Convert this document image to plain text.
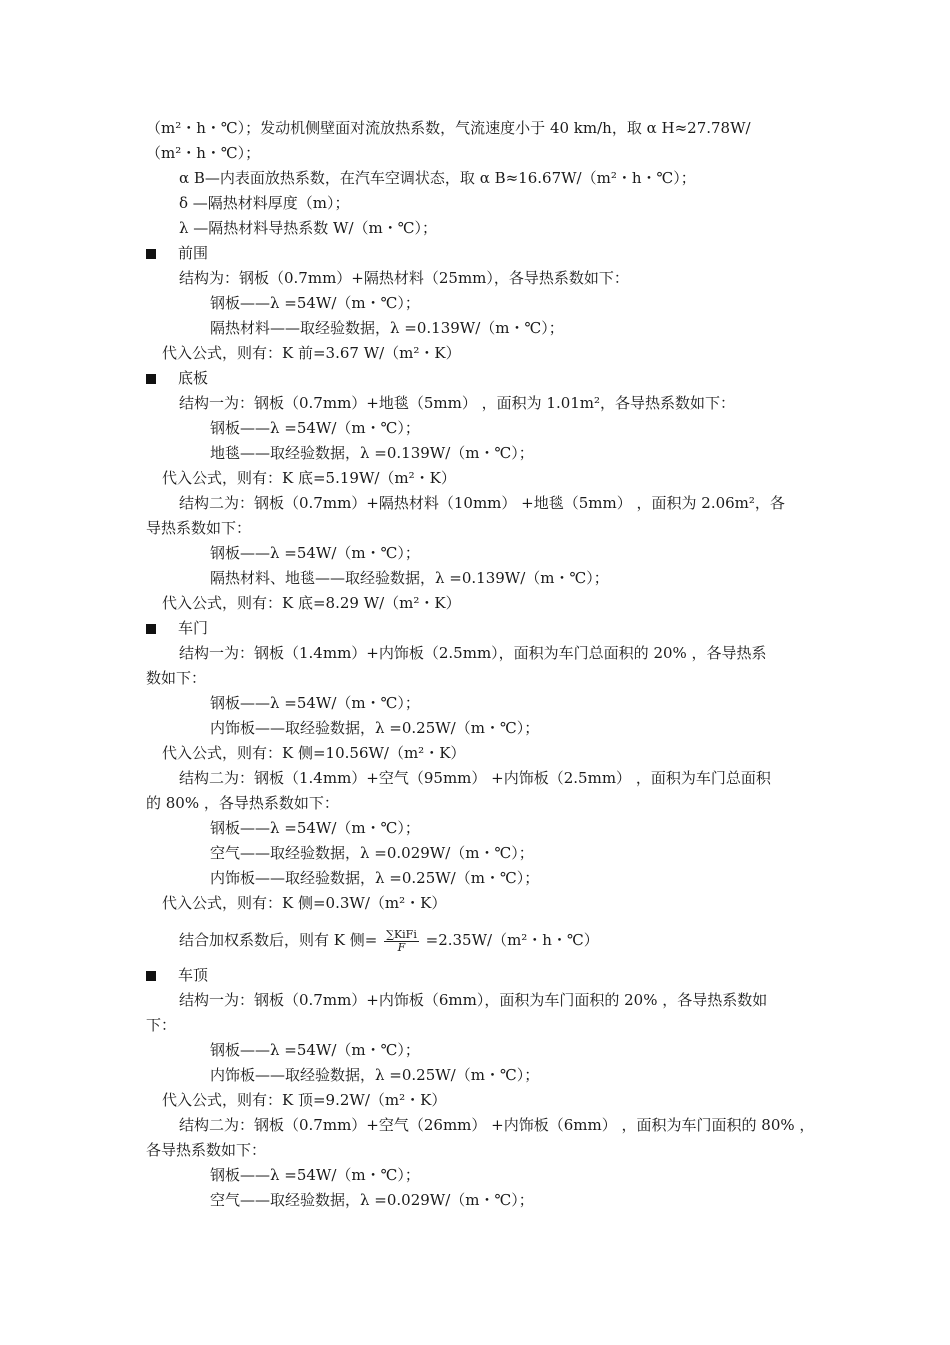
（m²・h・℃）；发动机侧壁面对流放热系数，气流速度小于 40 km/h，取 α H≈27.78W/
（m²・h・℃）；
α B—内表面放热系数，在汽车空调状态，取 α B≈16.67W/（m²・h・℃）；
δ —隔热材料厚度（m）；
λ —隔热材料导热系数 W/（m・℃）；
前围
结构为：钢板（0.7mm）+隔热材料（25mm），各导热系数如下：
钢板——λ =54W/（m・℃）；
隔热材料——取经验数据，λ =0.139W/（m・℃）；
代入公式，则有：K 前=3.67 W/（m²・K）
底板
结构一为：钢板（0.7mm）+地毯（5mm） ，面积为 1.01m²，各导热系数如下：
钢板——λ =54W/（m・℃）；
地毯——取经验数据，λ =0.139W/（m・℃）；
代入公式，则有：K 底=5.19W/（m²・K）
结构二为：钢板（0.7mm）+隔热材料（10mm） +地毯（5mm） ，面积为 2.06m²，各
导热系数如下：
钢板——λ =54W/（m・℃）；
隔热材料、地毯——取经验数据，λ =0.139W/（m・℃）；
代入公式，则有：K 底=8.29 W/（m²・K）
车门
结构一为：钢板（1.4mm）+内饰板（2.5mm），面积为车门总面积的 20% ，各导热系
数如下：
钢板——λ =54W/（m・℃）；
内饰板——取经验数据，λ =0.25W/（m・℃）；
代入公式，则有：K 侧=10.56W/（m²・K）
结构二为：钢板（1.4mm）+空气（95mm） +内饰板（2.5mm） ，面积为车门总面积
的 80% ，各导热系数如下：
钢板——λ =54W/（m・℃）；
空气——取经验数据，λ =0.029W/（m・℃）；
内饰板——取经验数据，λ =0.25W/（m・℃）；
代入公式，则有：K 侧=0.3W/（m²・K）
结合加权系数后，则有 K 侧= $\frac{\text{∑KiFi}}{F} =2.35W/(m^2$・h・℃）
车顶
结构一为：钢板（0.7mm）+内饰板（6mm），面积为车门面积的 20% ，各导热系数如
下：
钢板——λ =54W/（m・℃）；
内饰板——取经验数据，λ =0.25W/（m・℃）；
代入公式，则有：K 顶=9.2W/（m²・K）
结构二为：钢板（0.7mm）+空气（26mm） +内饰板（6mm） ，面积为车门面积的 80% ，
各导热系数如下：
钢板——λ =54W/（m・℃）；
空气——取经验数据，λ =0.029W/（m・℃）；
